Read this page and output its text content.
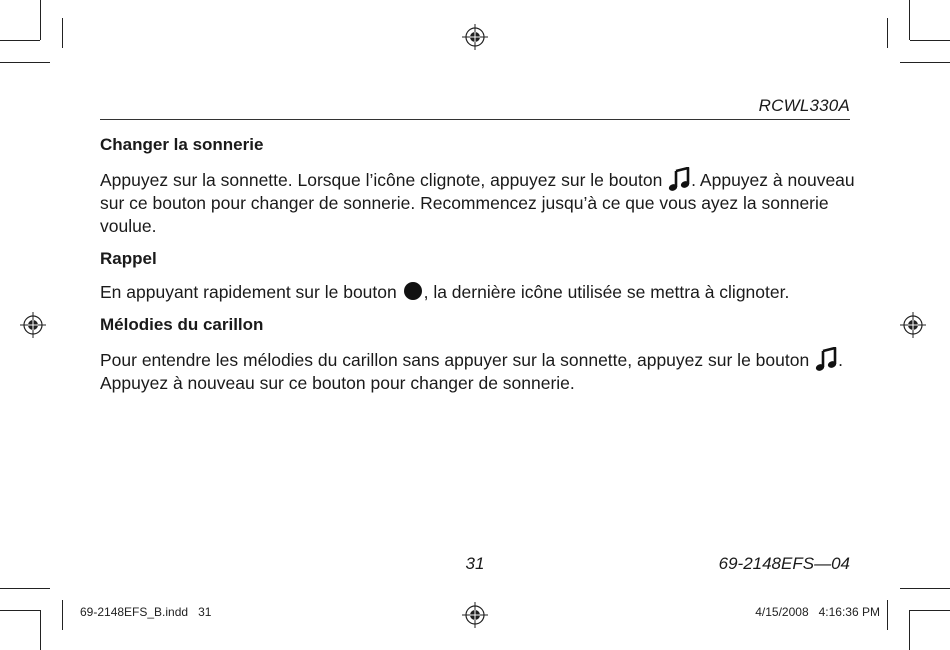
RCWL330A
Changer la sonnerie

Appuyez sur la sonnette. Lorsque l’icône clignote, appuyez sur le bouton . Appuyez à nouveau sur ce bouton pour changer de sonnerie. Recommencez jusqu’à ce que vous ayez la sonnerie voulue.

Rappel

En appuyant rapidement sur le bouton , la dernière icône utilisée se mettra à clignoter.

Mélodies du carillon

Pour entendre les mélodies du carillon sans appuyer sur la sonnette, appuyez sur le bouton . Appuyez à nouveau sur ce bouton pour changer de sonnerie.

31	69-2148EFS—04
69-2148EFS_B.indd   31	4/15/2008   4:16:36 PM
